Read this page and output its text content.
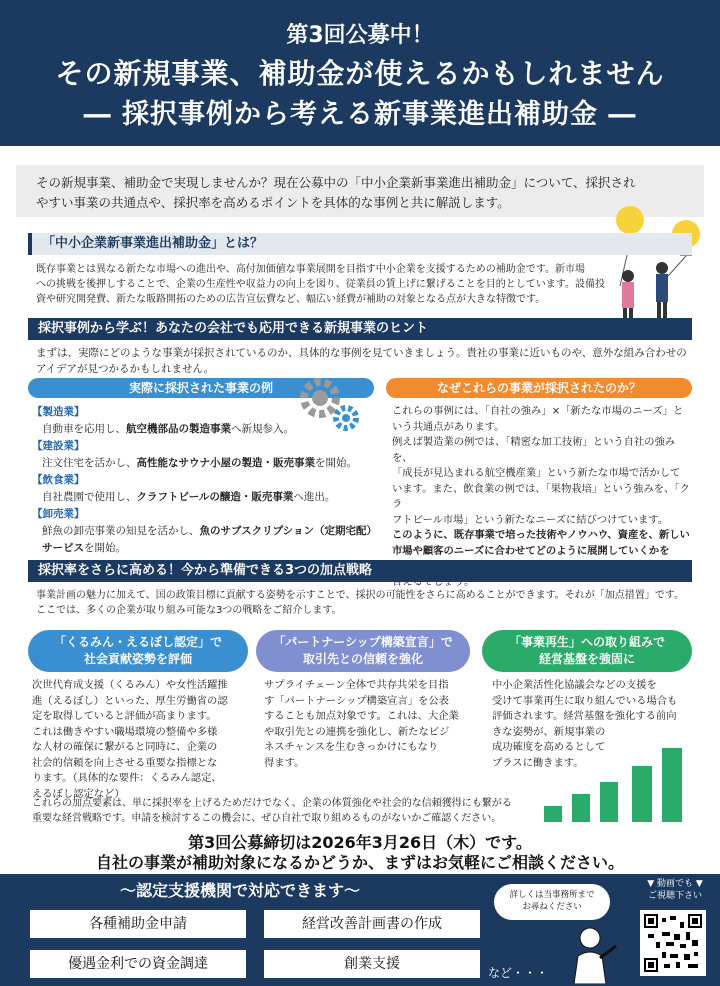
第3回公募中！
その新規事業、補助金が使えるかもしれません
― 採択事例から考える新事業進出補助金 ―
その新規事業、補助金で実現しませんか？現在公募中の「中小企業新事業進出補助金」について、採択され
やすい事業の共通点や、採択率を高めるポイントを具体的な事例と共に解説します。
「中小企業新事業進出補助金」とは？
既存事業とは異なる新たな市場への進出や、高付加価値な事業展開を目指す中小企業を支援するための補助金です。新市場
への挑戦を後押しすることで、企業の生産性や収益力の向上を図り、従業員の賃上げに繋げることを目的としています。設備投
資や研究開発費、新たな販路開拓のための広告宣伝費など、幅広い経費が補助の対象となる点が大きな特徴です。
採択事例から学ぶ！あなたの会社でも応用できる新規事業のヒント
まずは、実際にどのような事業が採択されているのか、具体的な事例を見ていきましょう。貴社の事業に近いものや、意外な組み合わせの
アイデアが見つかるかもしれません。
実際に採択された事業の例	なぜこれらの事業が採択されたのか？
【製造業】
自動車を応用し、航空機部品の製造事業へ新規参入。
【建設業】
注文住宅を活かし、高性能なサウナ小屋の製造・販売事業を開始。
【飲食業】
自社農園で使用し、クラフトビールの醸造・販売事業へ進出。
【卸売業】
鮮魚の卸売事業の知見を活かし、魚のサブスクリプション（定期宅配）
サービスを開始。
これらの事例には、「自社の強み」×「新たな市場のニーズ」と
いう共通点があります。
例えば製造業の例では、「精密な加工技術」という自社の強みを、
「成長が見込まれる航空機産業」という新たな市場で活かして
います。また、飲食業の例では、「果物栽培」という強みを、「クラ
フトビール市場」という新たなニーズに結びつけています。
このように、既存事業で培った技術やノウハウ、資産を、新しい
市場や顧客のニーズに合わせてどのように展開していくかを
採択率をさらに高める！今から準備できる3つの加点戦略
事業計画の魅力に加えて、国の政策目標に貢献する姿勢を示すことで、採択の可能性をさらに高めることができます。それが「加点措置」です。
ここでは、多くの企業が取り組み可能な3つの戦略をご紹介します。
「くるみん・えるぼし認定」で
社会貢献姿勢を評価
「パートナーシップ構築宣言」で
取引先との信頼を強化
「事業再生」への取り組みで
経営基盤を強固に
次世代育成支援（くるみん）や女性活躍推
進（えるぼし）といった、厚生労働省の認
定を取得していると評価が高まります。
これは働きやすい職場環境の整備や多様
な人材の確保に繋がると同時に、企業の
社会的信頼を向上させる重要な指標とな
ります。（具体的な要件：くるみん認定、
えるぼし認定など）
サプライチェーン全体で共存共栄を目指
す「パートナーシップ構築宣言」を公表
することも加点対象です。これは、大企業
や取引先との連携を強化し、新たなビジ
ネスチャンスを生むきっかけにもなり
得ます。
中小企業活性化協議会などの支援を
受けて事業再生に取り組んでいる場合も
評価されます。経営基盤を強化する前向
きな姿勢が、新規事業の
成功確度を高めるとして
プラスに働きます。
これらの加点要素は、単に採択率を上げるためだけでなく、企業の体質強化や社会的な信頼獲得にも繋がる
重要な経営戦略です。申請を検討するこの機会に、ぜひ自社で取り組めるものがないかご確認ください。
第3回公募締切は2026年3月26日（木）です。
自社の事業が補助対象になるかどうか、まずはお気軽にご相談ください。
～認定支援機関で対応できます～
各種補助金申請	経営改善計画書の作成
優遇金利での資金調達	創業支援
など・・・
詳しくは当事務所まで
お尋ねください
▼ 動画でも ▼
ご視聴下さい
